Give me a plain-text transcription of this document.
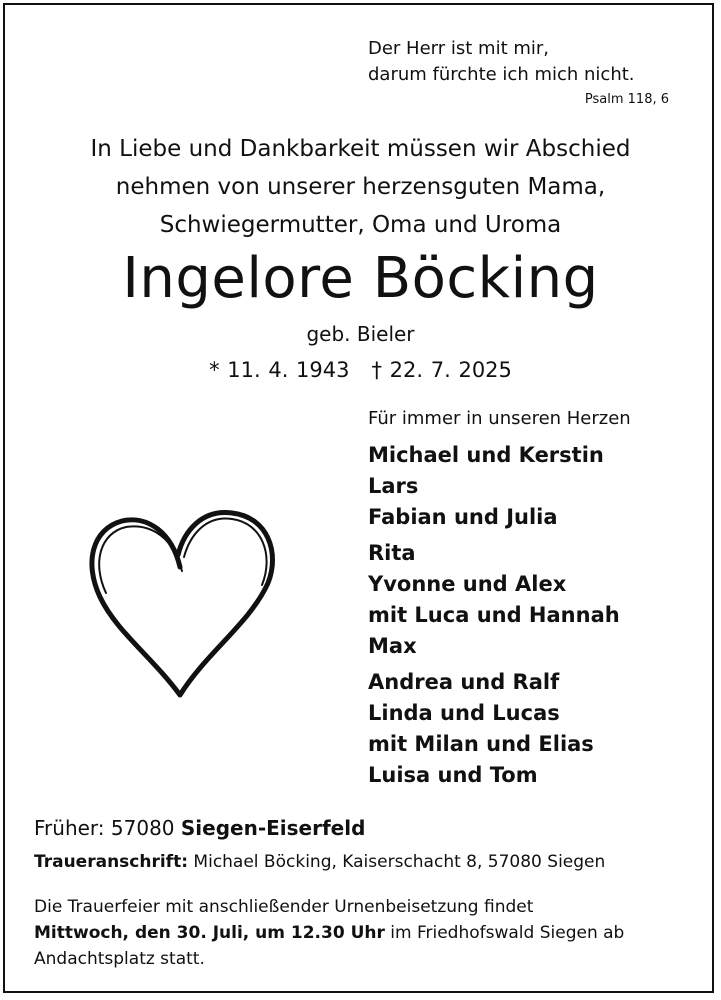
Der Herr ist mit mir,
darum fürchte ich mich nicht.
Psalm 118, 6
In Liebe und Dankbarkeit müssen wir Abschied
nehmen von unserer herzensguten Mama,
Schwiegermutter, Oma und Uroma
Ingelore Böcking
geb. Bieler
* 11. 4. 1943 † 22. 7. 2025
Für immer in unseren Herzen
Michael und Kerstin
Lars
Fabian und Julia
Rita
Yvonne und Alex
mit Luca und Hannah
Max
Andrea und Ralf
Linda und Lucas
mit Milan und Elias
Luisa und Tom
Früher: 57080 Siegen-Eiserfeld
Traueranschrift: Michael Böcking, Kaiserschacht 8, 57080 Siegen
Die Trauerfeier mit anschließender Urnenbeisetzung findet
Mittwoch, den 30. Juli, um 12.30 Uhr im Friedhofswald Siegen ab
Andachtsplatz statt.
